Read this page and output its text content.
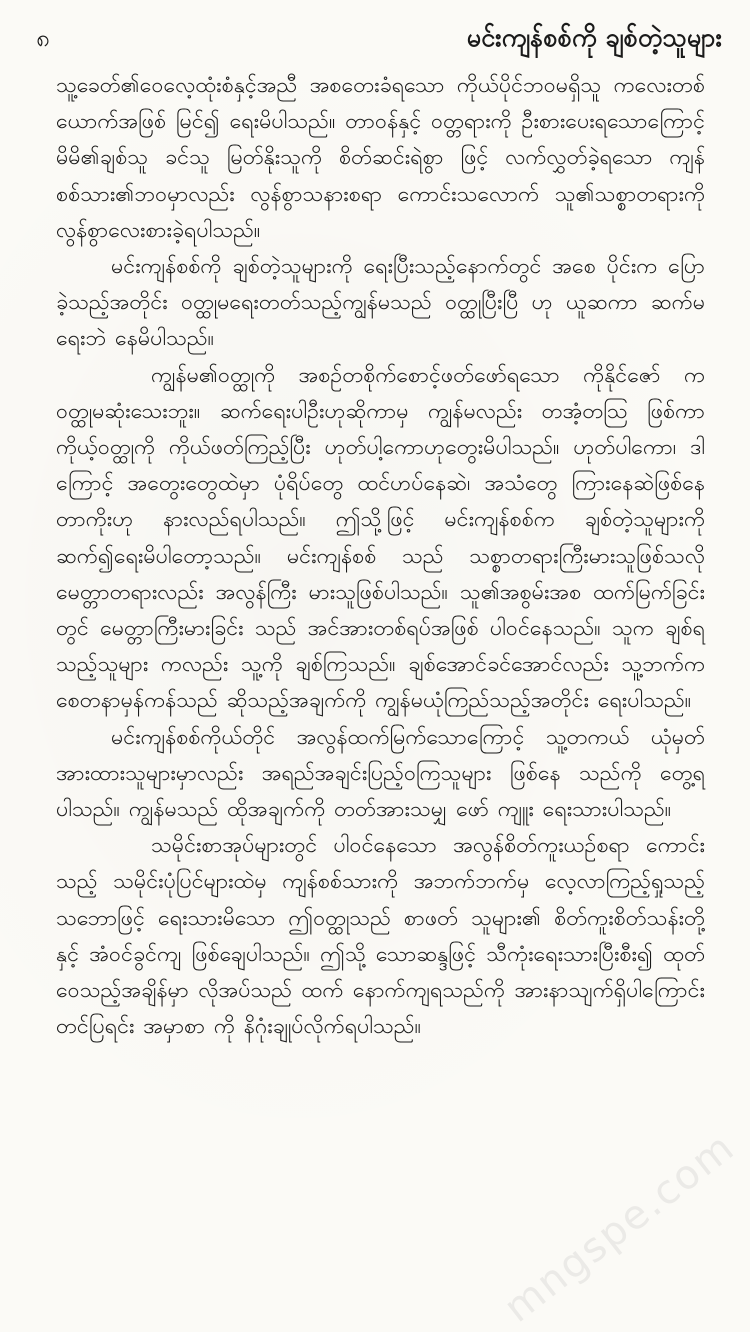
၈	မင်းကျန်စစ်ကို ချစ်တဲ့သူများ

သူ့ခေတ်၏ဝေလေ့ထုံးစံနှင့်အညီ အစတေးခံရသော ကိုယ်ပိုင်ဘဝမရှိသူ ကလေးတစ်ယောက်အဖြစ် မြင်၍ ရေးမိပါသည်။ တာဝန်နှင့် ဝတ္တရားကို ဦးစားပေးရသောကြောင့် မိမိ၏ချစ်သူ ခင်သူ မြတ်နိုးသူကို စိတ်ဆင်းရဲစွာ ဖြင့် လက်လွှတ်ခဲ့ရသော ကျန်စစ်သား၏ဘဝမှာလည်း လွန်စွာသနားစရာ ကောင်းသလောက် သူ၏သစ္စာတရားကို လွန်စွာလေးစားခဲ့ရပါသည်။

မင်းကျန်စစ်ကို ချစ်တဲ့သူများကို ရေးပြီးသည့်နောက်တွင် အစေ ပိုင်းက ပြောခဲ့သည့်အတိုင်း ဝတ္ထုမရေးတတ်သည့်ကျွန်မသည် ဝတ္ထုပြီးပြီ ဟု ယူဆကာ ဆက်မရေးဘဲ နေမိပါသည်။

ကျွန်မ၏ဝတ္ထုကို အစဉ်တစိုက်စောင့်ဖတ်ဖော်ရသော ကိုနိုင်ဇော် က ဝတ္ထုမဆုံးသေးဘူး။ ဆက်ရေးပါဦးဟုဆိုကာမှ ကျွန်မလည်း တအံ့တသြ ဖြစ်ကာ ကိုယ့်ဝတ္ထုကို ကိုယ်ဖတ်ကြည့်ပြီး ဟုတ်ပါ့ကောဟုတွေးမိပါသည်။ ဟုတ်ပါကော၊ ဒါကြောင့် အတွေးတွေထဲမှာ ပုံရိပ်တွေ ထင်ဟပ်နေဆဲ၊ အသံတွေ ကြားနေဆဲဖြစ်နေတာကိုးဟု နားလည်ရပါသည်။ ဤသို့ဖြင့် မင်းကျန်စစ်က ချစ်တဲ့သူများကို ဆက်၍ရေးမိပါတော့သည်။ မင်းကျန်စစ် သည် သစ္စာတရားကြီးမားသူဖြစ်သလို မေတ္တာတရားလည်း အလွန်ကြီး မားသူဖြစ်ပါသည်။ သူ၏အစွမ်းအစ ထက်မြက်ခြင်းတွင် မေတ္တာကြီးမားခြင်း သည် အင်အားတစ်ရပ်အဖြစ် ပါဝင်နေသည်။ သူက ချစ်ရသည့်သူများ ကလည်း သူ့ကို ချစ်ကြသည်။ ချစ်အောင်ခင်အောင်လည်း သူ့ဘက်က စေတနာမှန်ကန်သည် ဆိုသည့်အချက်ကို ကျွန်မယုံကြည်သည့်အတိုင်း ရေးပါသည်။

မင်းကျန်စစ်ကိုယ်တိုင် အလွန်ထက်မြက်သောကြောင့် သူ့တကယ် ယုံမှတ်အားထားသူများမှာလည်း အရည်အချင်းပြည့်ဝကြသူများ ဖြစ်နေ သည်ကို တွေ့ရပါသည်။ ကျွန်မသည် ထိုအချက်ကို တတ်အားသမျှ ဖော် ကျူး ရေးသားပါသည်။

သမိုင်းစာအုပ်များတွင် ပါဝင်နေသော အလွန်စိတ်ကူးယဉ်စရာ ကောင်းသည့် သမိုင်းပုံပြင်များထဲမှ ကျန်စစ်သားကို အဘက်ဘက်မှ လေ့လာကြည့်ရှုသည့် သဘောဖြင့် ရေးသားမိသော ဤဝတ္ထုသည် စာဖတ် သူများ၏ စိတ်ကူးစိတ်သန်းတို့နှင့် အံဝင်ခွင်ကျ ဖြစ်ချေပါသည်။ ဤသို့ သောဆန္ဒဖြင့် သီကုံးရေးသားပြီးစီး၍ ထုတ်ဝေသည့်အချိန်မှာ လိုအပ်သည် ထက် နောက်ကျရသည်ကို အားနာသျက်ရှိပါကြောင်း တင်ပြရင်း အမှာစာ ကို နိဂုံးချုပ်လိုက်ရပါသည်။

mngspe.com
